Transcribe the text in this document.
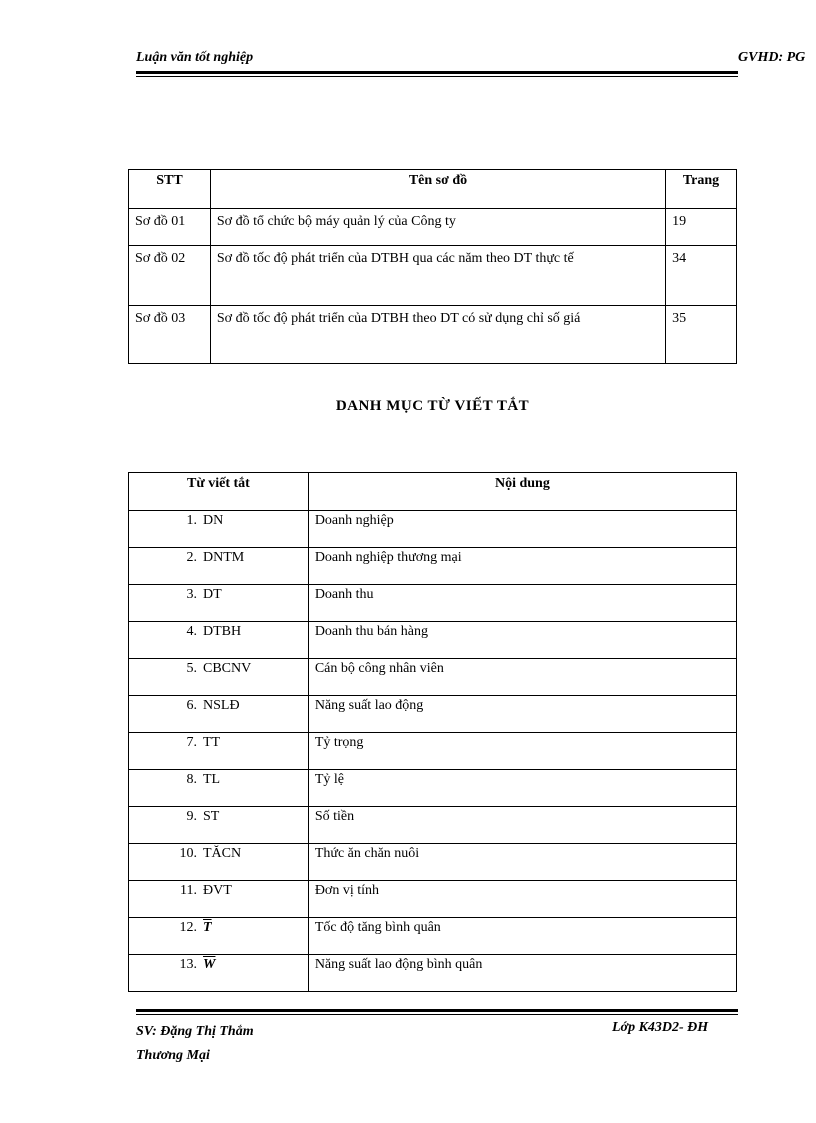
Luận văn tốt nghiệp	GVHD: PG
STT	Tên sơ đồ	Trang
Sơ đồ 01	Sơ đồ tổ chức bộ máy quản lý của Công ty	19
Sơ đồ 02	Sơ đồ tốc độ phát triển của DTBH qua các năm theo DT thực tế	34
Sơ đồ 03	Sơ đồ tốc độ phát triển của DTBH theo DT có sử dụng chỉ số giá	35
DANH MỤC TỪ VIẾT TẮT
Từ viết tắt	Nội dung
1. DN	Doanh nghiệp
2. DNTM	Doanh nghiệp thương mại
3. DT	Doanh thu
4. DTBH	Doanh thu bán hàng
5. CBCNV	Cán bộ công nhân viên
6. NSLĐ	Năng suất lao động
7. TT	Tỷ trọng
8. TL	Tỷ lệ
9. ST	Số tiền
10. TĂCN	Thức ăn chăn nuôi
11. ĐVT	Đơn vị tính
12. $\overline{T}$	Tốc độ tăng bình quân
13. $\overline{W}$	Năng suất lao động bình quân
SV: Đặng Thị Thắm
Thương Mại
Lớp K43D2- ĐH
